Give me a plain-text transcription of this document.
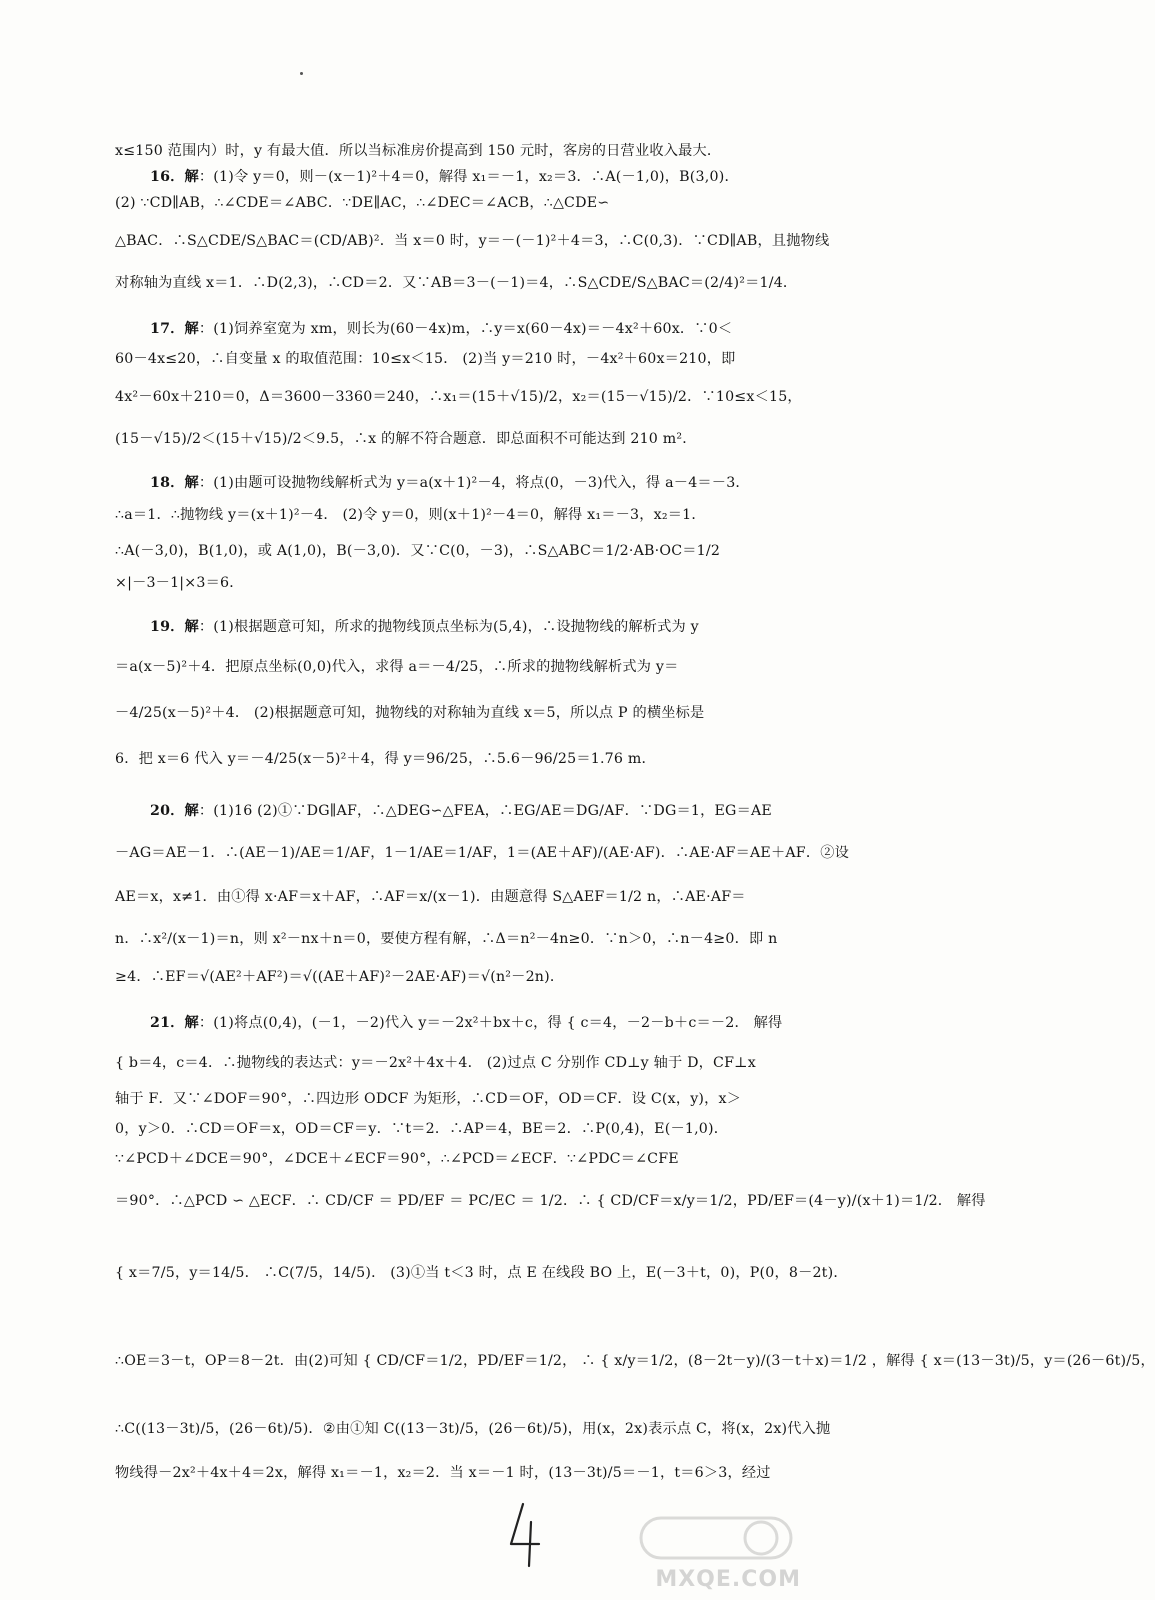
x≤150 范围内）时，y 有最大值．所以当标准房价提高到 150 元时，客房的日营业收入最大．
16．解：(1)令 y＝0，则－(x－1)²＋4＝0，解得 x₁＝－1，x₂＝3．∴A(－1,0)，B(3,0)．
(2) ∵CD∥AB，∴∠CDE＝∠ABC．∵DE∥AC，∴∠DEC＝∠ACB，∴△CDE∽
△BAC．∴S△CDE/S△BAC＝(CD/AB)²．当 x＝0 时，y＝－(－1)²＋4＝3，∴C(0,3)．∵CD∥AB，且抛物线
对称轴为直线 x＝1．∴D(2,3)，∴CD＝2．又∵AB＝3－(－1)＝4，∴S△CDE/S△BAC＝(2/4)²＝1/4．
17．解：(1)饲养室宽为 xm，则长为(60－4x)m，∴y＝x(60－4x)＝－4x²＋60x．∵0＜
60－4x≤20，∴自变量 x 的取值范围：10≤x＜15． (2)当 y＝210 时，－4x²＋60x＝210，即
4x²－60x＋210＝0，Δ＝3600－3360＝240，∴x₁＝(15＋√15)/2，x₂＝(15－√15)/2．∵10≤x＜15，
(15－√15)/2＜(15＋√15)/2＜9.5，∴x 的解不符合题意．即总面积不可能达到 210 m²．
18．解：(1)由题可设抛物线解析式为 y＝a(x＋1)²－4，将点(0，－3)代入，得 a－4＝－3．
∴a＝1．∴抛物线 y＝(x＋1)²－4． (2)令 y＝0，则(x＋1)²－4＝0，解得 x₁＝－3，x₂＝1．
∴A(－3,0)，B(1,0)，或 A(1,0)，B(－3,0)．又∵C(0，－3)，∴S△ABC＝1/2·AB·OC＝1/2
×|－3－1|×3＝6．
19．解：(1)根据题意可知，所求的抛物线顶点坐标为(5,4)，∴设抛物线的解析式为 y
＝a(x－5)²＋4．把原点坐标(0,0)代入，求得 a＝－4/25，∴所求的抛物线解析式为 y＝
－4/25(x－5)²＋4． (2)根据题意可知，抛物线的对称轴为直线 x＝5，所以点 P 的横坐标是
6．把 x＝6 代入 y＝－4/25(x－5)²＋4，得 y＝96/25，∴5.6－96/25＝1.76 m．
20．解：(1)16 (2)①∵DG∥AF，∴△DEG∽△FEA，∴EG/AE＝DG/AF．∵DG＝1，EG＝AE
－AG＝AE－1．∴(AE－1)/AE＝1/AF，1－1/AE＝1/AF，1＝(AE＋AF)/(AE·AF)．∴AE·AF＝AE＋AF．②设
AE＝x，x≠1．由①得 x·AF＝x＋AF，∴AF＝x/(x－1)．由题意得 S△AEF＝1/2 n，∴AE·AF＝
n．∴x²/(x－1)＝n，则 x²－nx＋n＝0，要使方程有解，∴Δ＝n²－4n≥0．∵n＞0，∴n－4≥0．即 n
≥4．∴EF＝√(AE²＋AF²)＝√((AE＋AF)²－2AE·AF)＝√(n²－2n)．
21．解：(1)将点(0,4)，(－1，－2)代入 y＝－2x²＋bx＋c，得 { c＝4，－2－b＋c＝－2． 解得
{ b＝4，c＝4．∴抛物线的表达式：y＝－2x²＋4x＋4． (2)过点 C 分别作 CD⊥y 轴于 D，CF⊥x
轴于 F．又∵∠DOF＝90°，∴四边形 ODCF 为矩形，∴CD＝OF，OD＝CF．设 C(x，y)，x＞
0，y＞0．∴CD＝OF＝x，OD＝CF＝y．∵t＝2．∴AP＝4，BE＝2．∴P(0,4)，E(－1,0)．
∵∠PCD＋∠DCE＝90°，∠DCE＋∠ECF＝90°，∴∠PCD＝∠ECF．∵∠PDC＝∠CFE
＝90°．∴△PCD ∽ △ECF．∴ CD/CF ＝ PD/EF ＝ PC/EC ＝ 1/2．∴ { CD/CF＝x/y＝1/2，PD/EF＝(4－y)/(x＋1)＝1/2． 解得
{ x＝7/5，y＝14/5． ∴C(7/5，14/5)． (3)①当 t＜3 时，点 E 在线段 BO 上，E(－3＋t，0)，P(0，8－2t)．
∴OE＝3－t，OP＝8－2t．由(2)可知 { CD/CF＝1/2，PD/EF＝1/2， ∴ { x/y＝1/2，(8－2t－y)/(3－t＋x)＝1/2 ，解得 { x＝(13－3t)/5，y＝(26－6t)/5，
∴C((13－3t)/5，(26－6t)/5)．②由①知 C((13－3t)/5，(26－6t)/5)，用(x，2x)表示点 C，将(x，2x)代入抛
物线得－2x²＋4x＋4＝2x，解得 x₁＝－1，x₂＝2．当 x＝－1 时，(13－3t)/5＝－1，t＝6＞3，经过
MXQE.COM
